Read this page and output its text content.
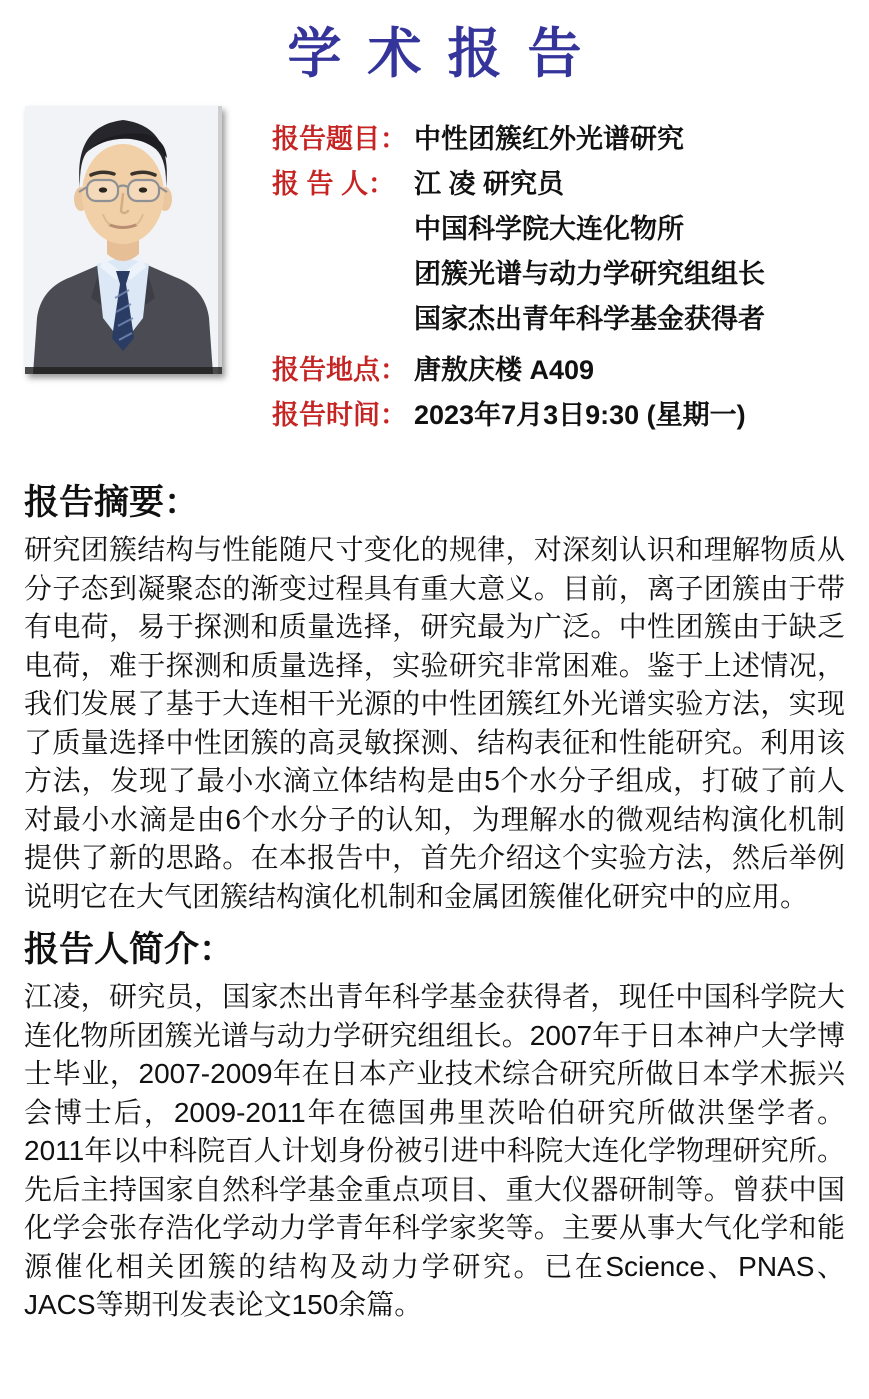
学术报告
报告题目： 中性团簇红外光谱研究
报 告 人： 江 凌 研究员
中国科学院大连化物所
团簇光谱与动力学研究组组长
国家杰出青年科学基金获得者
报告地点： 唐敖庆楼 A409
报告时间： 2023年7月3日9:30 (星期一)
报告摘要：

研究团簇结构与性能随尺寸变化的规律，对深刻认识和理解物质从分子态到凝聚态的渐变过程具有重大意义。目前，离子团簇由于带有电荷，易于探测和质量选择，研究最为广泛。中性团簇由于缺乏电荷，难于探测和质量选择，实验研究非常困难。鉴于上述情况，我们发展了基于大连相干光源的中性团簇红外光谱实验方法，实现了质量选择中性团簇的高灵敏探测、结构表征和性能研究。利用该方法，发现了最小水滴立体结构是由5个水分子组成，打破了前人对最小水滴是由6个水分子的认知，为理解水的微观结构演化机制提供了新的思路。在本报告中，首先介绍这个实验方法，然后举例说明它在大气团簇结构演化机制和金属团簇催化研究中的应用。

报告人简介：

江凌，研究员，国家杰出青年科学基金获得者，现任中国科学院大连化物所团簇光谱与动力学研究组组长。2007年于日本神户大学博士毕业，2007-2009年在日本产业技术综合研究所做日本学术振兴会博士后，2009-2011年在德国弗里茨哈伯研究所做洪堡学者。2011年以中科院百人计划身份被引进中科院大连化学物理研究所。先后主持国家自然科学基金重点项目、重大仪器研制等。曾获中国化学会张存浩化学动力学青年科学家奖等。主要从事大气化学和能源催化相关团簇的结构及动力学研究。已在Science、PNAS、JACS等期刊发表论文150余篇。
